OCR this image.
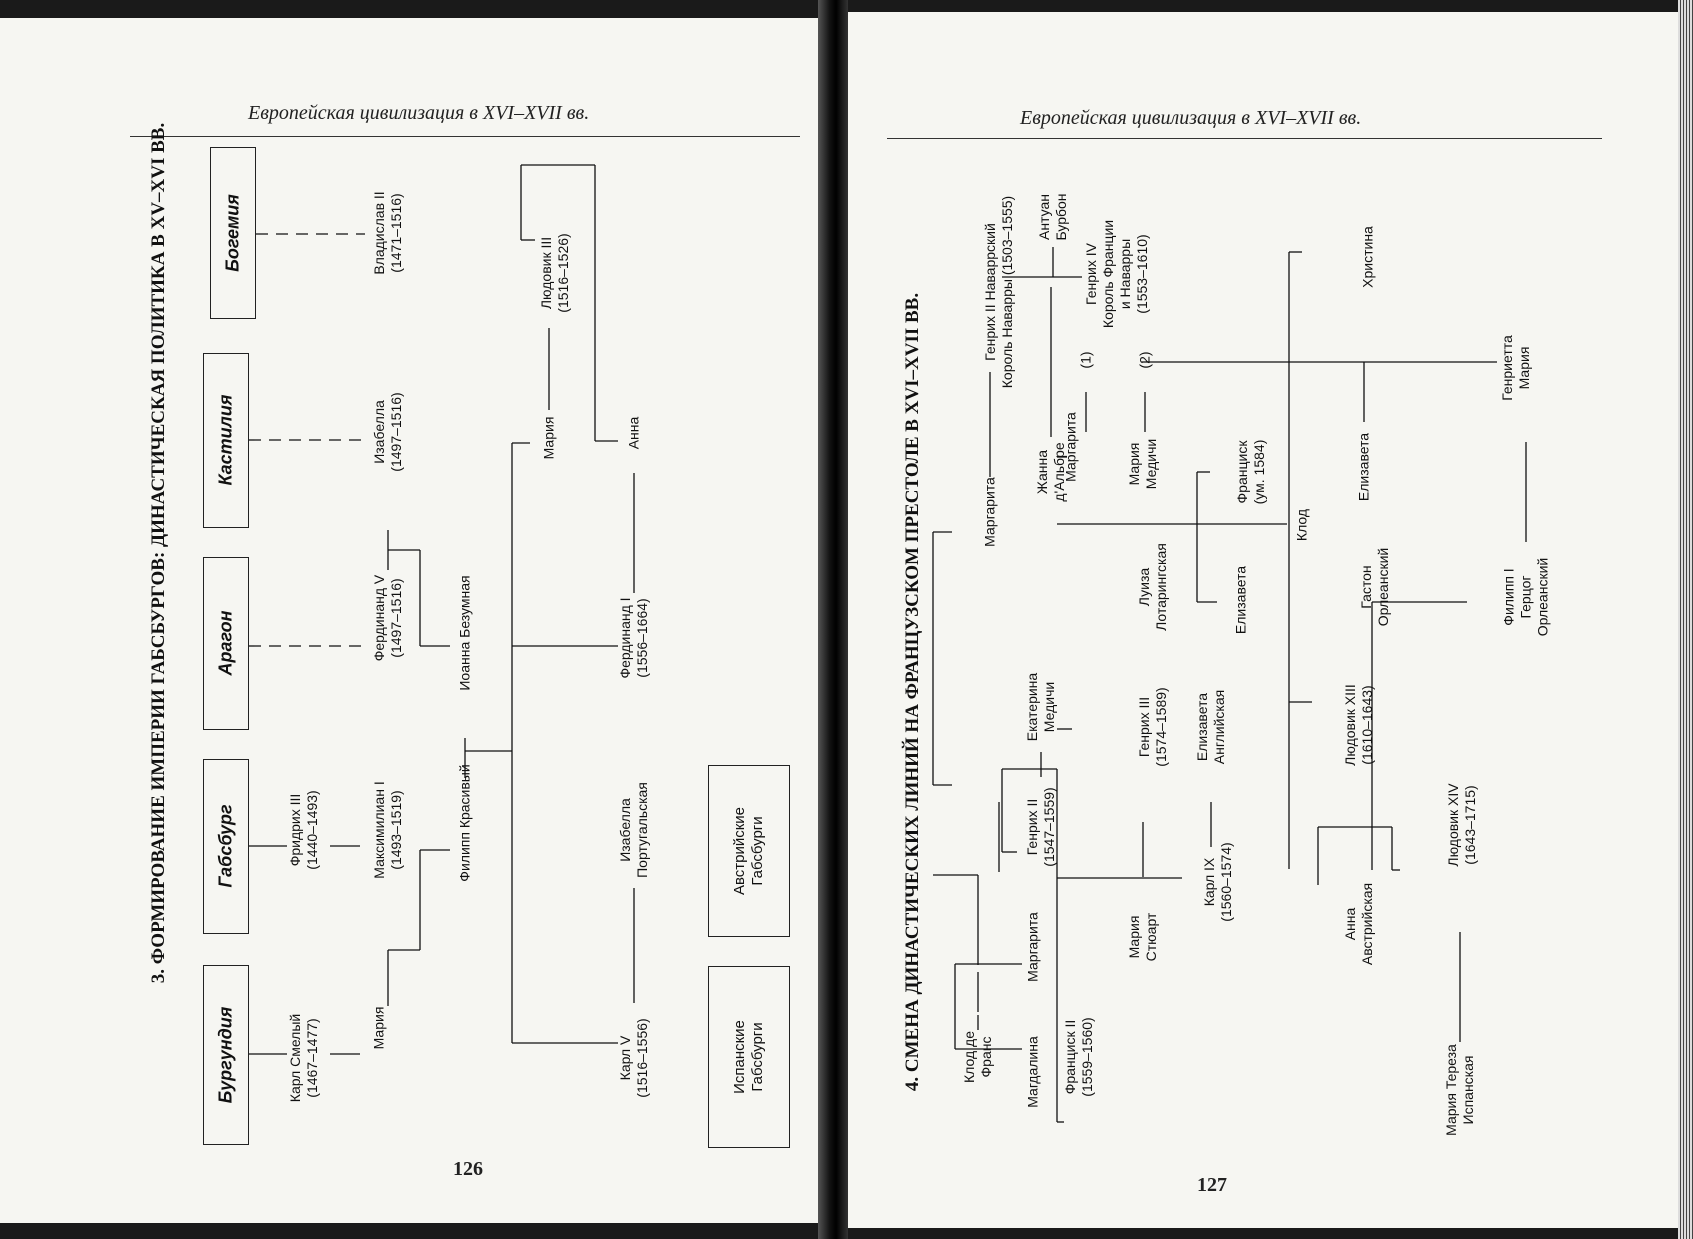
Европейская цивилизация в XVI–XVII вв.
3. ФОРМИРОВАНИЕ ИМПЕРИИ ГАБСБУРГОВ: ДИНАСТИЧЕСКАЯ ПОЛИТИКА В XV–XVI ВВ.
Бургундия
Габсбург
Арагон
Кастилия
Богемия
Карл Смелый
(1467–1477)	Мария
Фридрих III
(1440–1493)	Максимилиан I
(1493–1519)	Филипп Красивый
Иоанна Безумная
Фердинанд V
(1497–1516)
Изабелла
(1497–1516)
Владислав II
(1471–1516)
Карл V
(1516–1556)
Изабелла
Португальская
Фердинанд I
(1556–1664)
Анна
Мария
Людовик III
(1516–1526)
Испанские
Габсбурги
Австрийские
Габсбурги
126
Европейская цивилизация в XVI–XVII вв.
4. СМЕНА ДИНАСТИЧЕСКИХ ЛИНИЙ НА ФРАНЦУЗСКОМ ПРЕСТОЛЕ В XVI–XVII ВВ.	Клод де
Франс

Маргарита
Генрих II Наваррский
Король Наварры (1503–1555)
Магдалина
Маргарита
Генрих II
(1547–1559)
Екатерина
Медичи
Жанна
д'Альбре
Антуан
Бурбон
Генрих IV
Король Франции
и Наварры
(1553–1610)
(1)	(2)
Маргарита	Мария
Медичи
Франциск II
(1559–1560)
Мария
Стюарт
Карл IX
(1560–1574)
Елизавета
Английская
Генрих III
(1574–1589)
Луиза
Лотарингская	Елизавета
Франциск
(ум. 1584)
Клод
Анна
Австрийская
Людовик XIII
(1610–1643)
Гастон
Орлеанский
Елизавета
Христина
Генриетта
Мария
Мария Тереза
Испанская
Людовик XIV
(1643–1715)
Филипп I
Герцог
Орлеанский
127
